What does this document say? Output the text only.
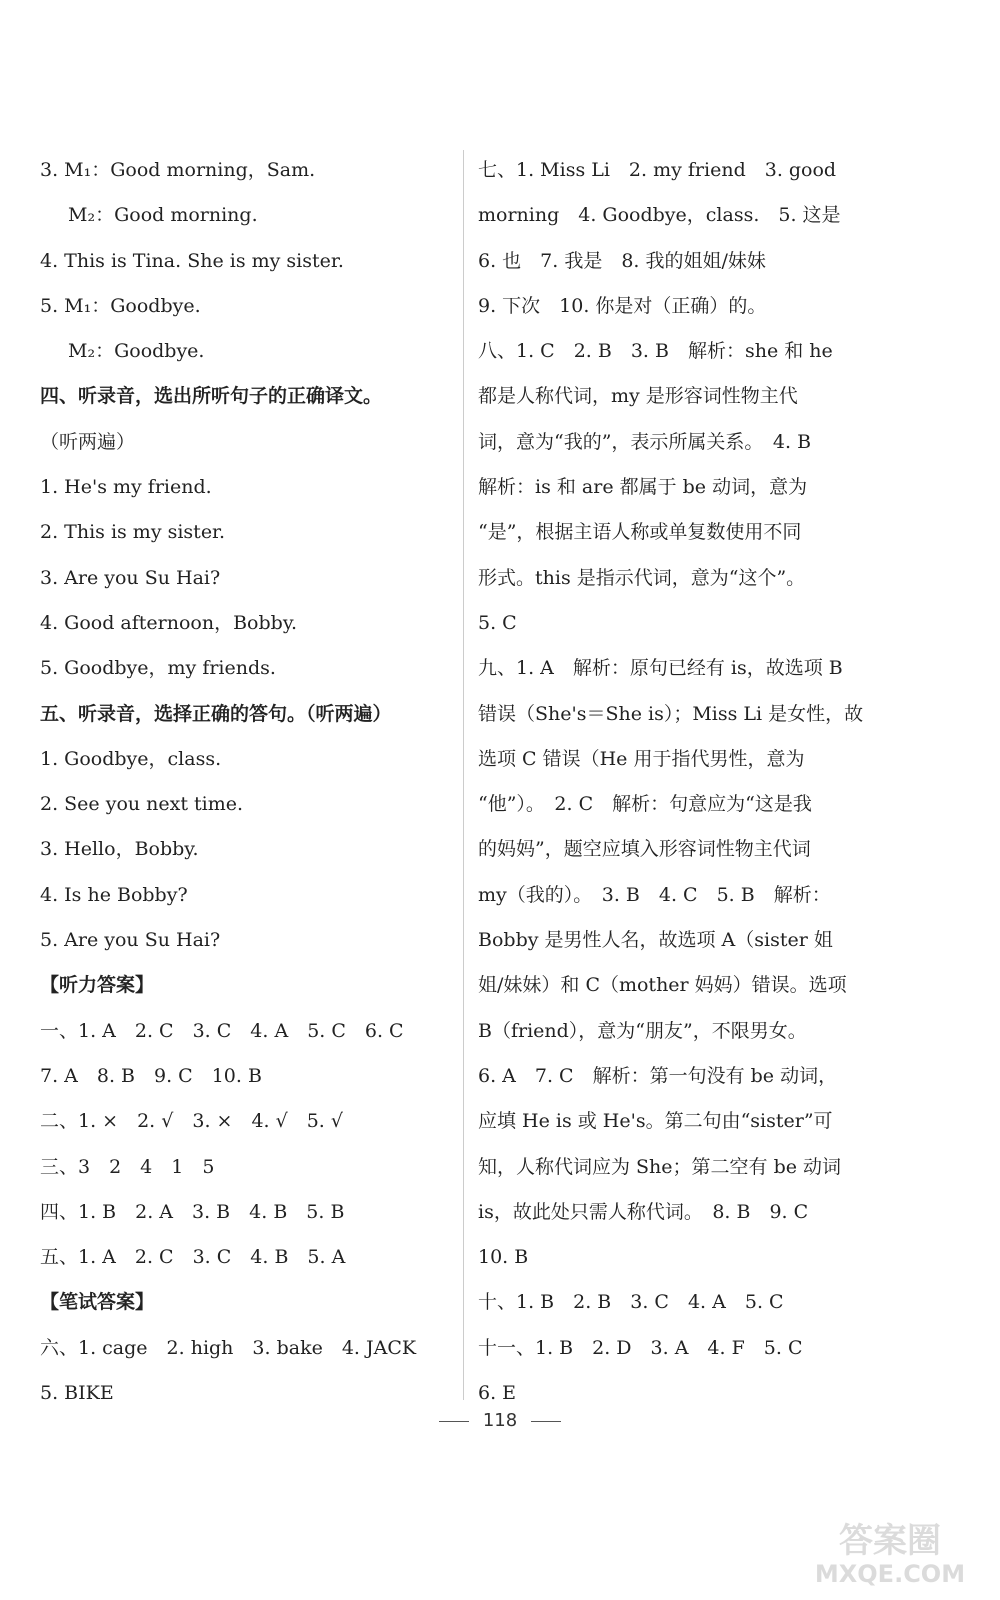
3. M₁：Good morning，Sam.
M₂：Good morning.
4. This is Tina. She is my sister.
5. M₁：Goodbye.
M₂：Goodbye.
四、听录音，选出所听句子的正确译文。
（听两遍）
1. He's my friend.
2. This is my sister.
3. Are you Su Hai?
4. Good afternoon，Bobby.
5. Goodbye，my friends.
五、听录音，选择正确的答句。（听两遍）
1. Goodbye，class.
2. See you next time.
3. Hello，Bobby.
4. Is he Bobby?
5. Are you Su Hai?
【听力答案】
一、1. A　2. C　3. C　4. A　5. C　6. C
7. A　8. B　9. C　10. B
二、1. ×　2. √　3. ×　4. √　5. √
三、3　2　4　1　5
四、1. B　2. A　3. B　4. B　5. B
五、1. A　2. C　3. C　4. B　5. A
【笔试答案】
六、1. cage　2. high　3. bake　4. JACK
5. BIKE
七、1. Miss Li　2. my friend　3. good
morning　4. Goodbye，class.　5. 这是
6. 也　7. 我是　8. 我的姐姐/妹妹
9. 下次　10. 你是对（正确）的。
八、1. C　2. B　3. B　解析：she 和 he
都是人称代词，my 是形容词性物主代
词，意为“我的”，表示所属关系。　4. B
解析：is 和 are 都属于 be 动词，意为
“是”，根据主语人称或单复数使用不同
形式。this 是指示代词，意为“这个”。
5. C
九、1. A　解析：原句已经有 is，故选项 B
错误（She's＝She is）；Miss Li 是女性，故
选项 C 错误（He 用于指代男性，意为
“他”）。　2. C　解析：句意应为“这是我
的妈妈”，题空应填入形容词性物主代词
my（我的）。　3. B　4. C　5. B　解析：
Bobby 是男性人名，故选项 A（sister 姐
姐/妹妹）和 C（mother 妈妈）错误。选项
B（friend），意为“朋友”，不限男女。
6. A　7. C　解析：第一句没有 be 动词，
应填 He is 或 He's。第二句由“sister”可
知，人称代词应为 She；第二空有 be 动词
is，故此处只需人称代词。　8. B　9. C
10. B
十、1. B　2. B　3. C　4. A　5. C
十一、1. B　2. D　3. A　4. F　5. C
6. E
118
答案圈
MXQE.COM
